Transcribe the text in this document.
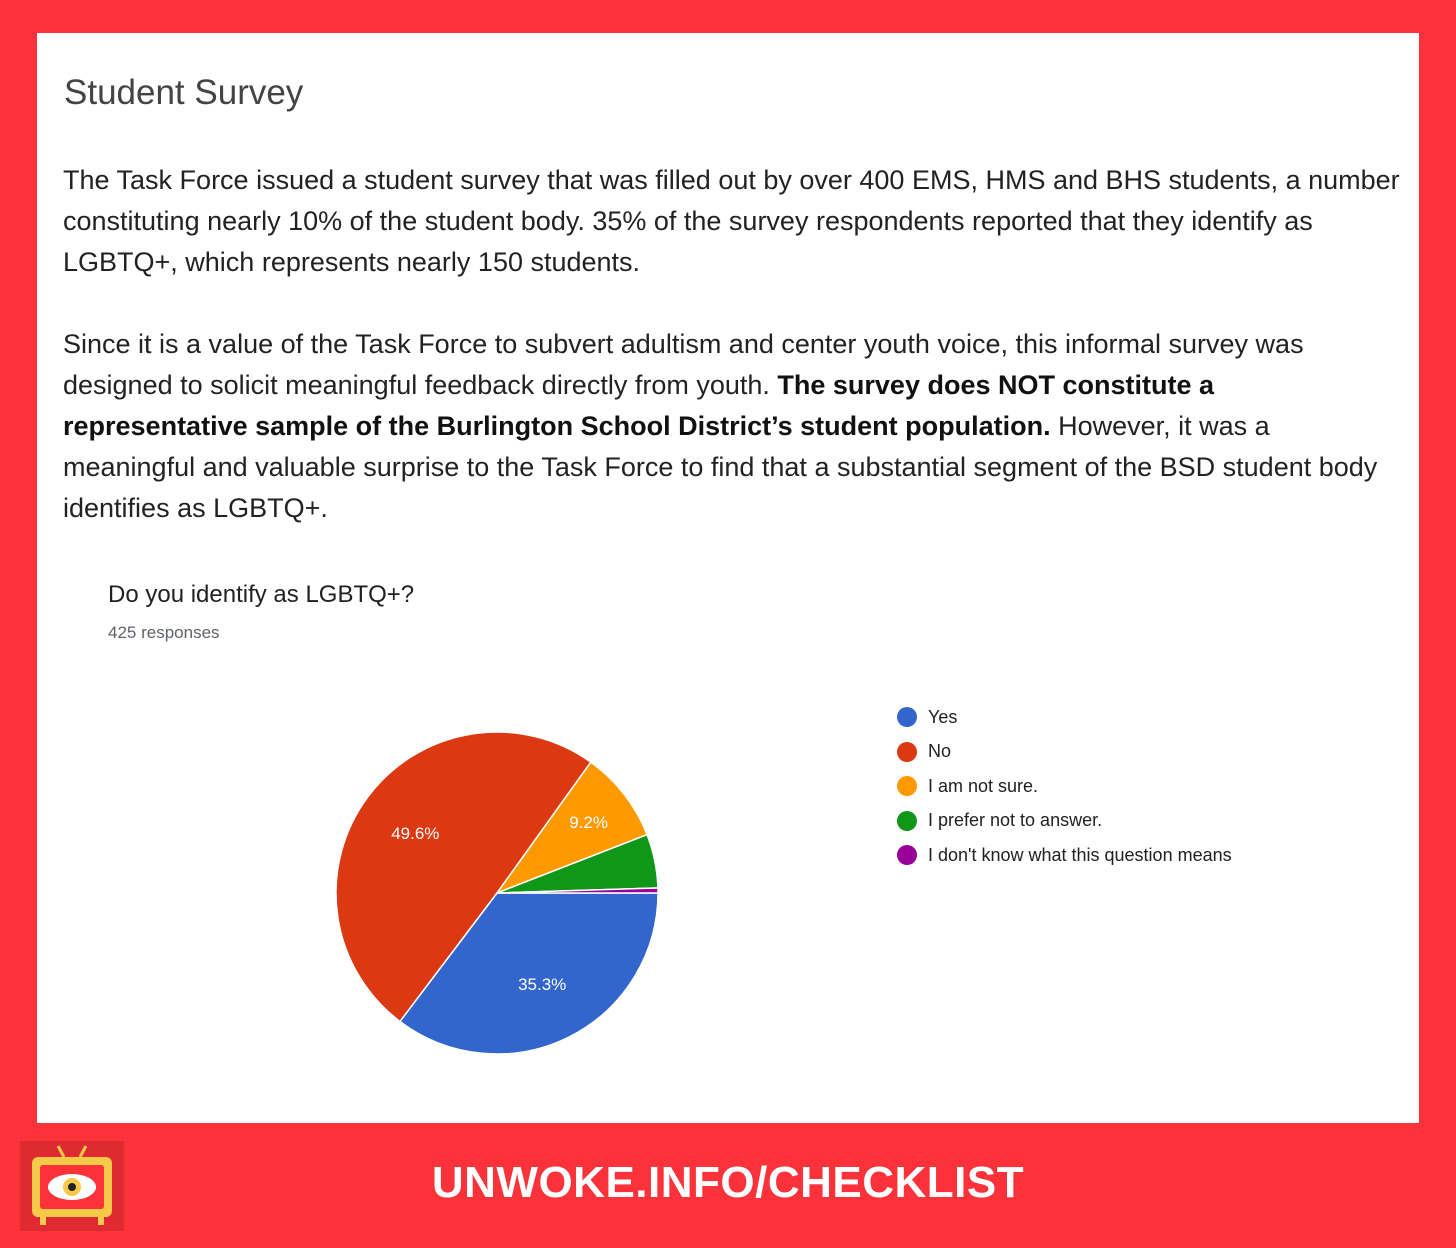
Student Survey

The Task Force issued a student survey that was filled out by over 400 EMS, HMS and BHS students, a number constituting nearly 10% of the student body. 35% of the survey respondents reported that they identify as LGBTQ+, which represents nearly 150 students.

Since it is a value of the Task Force to subvert adultism and center youth voice, this informal survey was designed to solicit meaningful feedback directly from youth. The survey does NOT constitute a representative sample of the Burlington School District’s student population. However, it was a meaningful and valuable surprise to the Task Force to find that a substantial segment of the BSD student body identifies as LGBTQ+.

Do you identify as LGBTQ+?
425 responses
35.3%
49.6%
9.2%
Yes
No
I am not sure.
I prefer not to answer.
I don't know what this question means
UNWOKE.INFO/CHECKLIST
